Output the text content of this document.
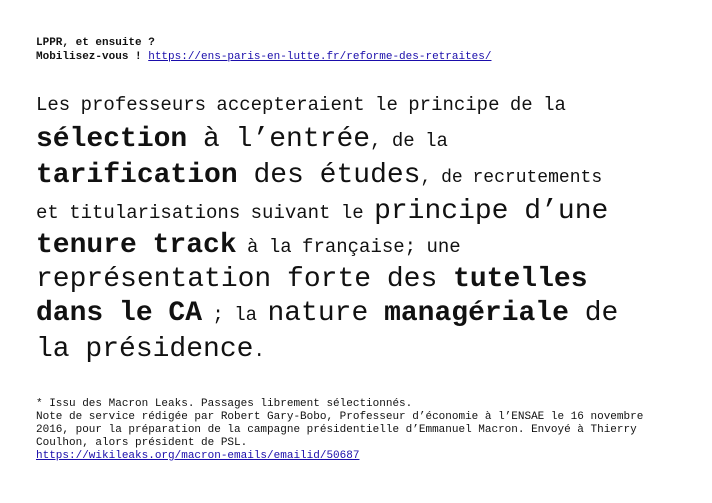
LPPR, et ensuite ?
Mobilisez-vous ! https://ens-paris-en-lutte.fr/reforme-des-retraites/
Les professeurs accepteraient le principe de la
sélection à l’entrée, de la
tarification des études, de recrutements
et titularisations suivant le principe d’une
tenure track à la française; une
représentation forte des tutelles
dans le CA ; la nature managériale de
la présidence.
* Issu des Macron Leaks. Passages librement sélectionnés.
Note de service rédigée par Robert Gary-Bobo, Professeur d’économie à l’ENSAE le 16 novembre 2016, pour la préparation de la campagne présidentielle d’Emmanuel Macron. Envoyé à Thierry Coulhon, alors président de PSL.
https://wikileaks.org/macron-emails/emailid/50687
